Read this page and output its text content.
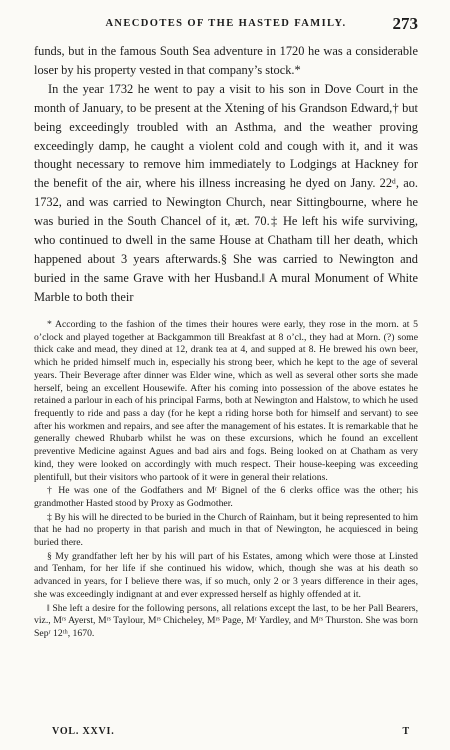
ANECDOTES OF THE HASTED FAMILY.	273

funds, but in the famous South Sea adventure in 1720 he was a considerable loser by his property vested in that company’s stock.*

In the year 1732 he went to pay a visit to his son in Dove Court in the month of January, to be present at the Xtening of his Grandson Edward,† but being exceedingly troubled with an Asthma, and the weather proving exceedingly damp, he caught a violent cold and cough with it, and it was thought necessary to remove him immediately to Lodgings at Hackney for the benefit of the air, where his illness increasing he dyed on Jany. 22ᵈ, ao. 1732, and was carried to Newington Church, near Sittingbourne, where he was buried in the South Chancel of it, æt. 70.‡ He left his wife surviving, who continued to dwell in the same House at Chatham till her death, which happened about 3 years afterwards.§ She was carried to Newington and buried in the same Grave with her Husband.‖ A mural Monument of White Marble to both their

* According to the fashion of the times their houres were early, they rose in the morn. at 5 o’clock and played together at Backgammon till Breakfast at 8 o’cl., they had at Morn. (?) some thick cake and mead, they dined at 12, drank tea at 4, and supped at 8. He brewed his own beer, which he prided himself much in, especially his strong beer, which he kept to the age of several years. Their Beverage after dinner was Elder wine, which as well as several other sorts she made herself, being an excellent Housewife. After his coming into possession of the above estates he retained a parlour in each of his principal Farms, both at Newington and Halstow, to which he used frequently to ride and pass a day (for he kept a riding horse both for himself and servant) to see after his workmen and repairs, and see after the management of his estates. It is remarkable that he generally chewed Rhubarb whilst he was on these excursions, which he found an excellent preventive Medicine against Agues and bad airs and fogs. Being looked on at Chatham as very kind, they were looked on accordingly with much respect. Their house-keeping was exceeding plentifull, but their visitors who partook of it were in general their relations.

† He was one of the Godfathers and Mʳ Bignel of the 6 clerks office was the other; his grandmother Hasted stood by Proxy as Godmother.

‡ By his will he directed to be buried in the Church of Rainham, but it being represented to him that he had no property in that parish and much in that of Newington, he acquiesced in being buried there.

§ My grandfather left her by his will part of his Estates, among which were those at Linsted and Tenham, for her life if she continued his widow, which, though she was at his death so advanced in years, for I believe there was, if so much, only 2 or 3 years difference in their ages, she was exceedingly indignant at and ever expressed herself as highly offended at it.

‖ She left a desire for the following persons, all relations except the last, to be her Pall Bearers, viz., Mʳˢ Ayerst, Mʳˢ Taylour, Mʳˢ Chicheley, Mʳˢ Page, Mʳ Yardley, and Mʳˢ Thurston. She was born Sepʳ 12ᵗʰ, 1670.

VOL. XXVI.	T
